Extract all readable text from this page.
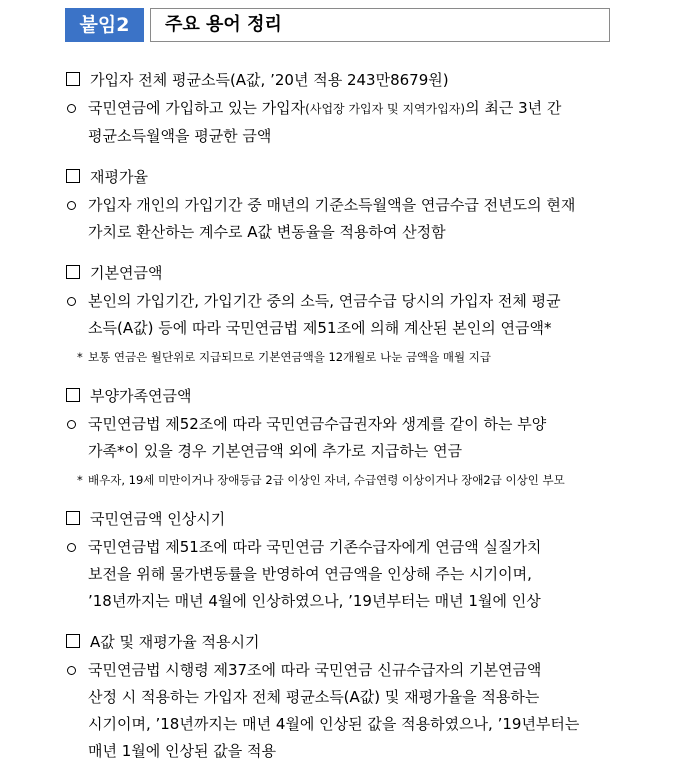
붙임2	주요 용어 정리
가입자 전체 평균소득(A값, ’20년 적용 243만8679원)
국민연금에 가입하고 있는 가입자(사업장 가입자 및 지역가입자)의 최근 3년 간
평균소득월액을 평균한 금액
재평가율
가입자 개인의 가입기간 중 매년의 기준소득월액을 연금수급 전년도의 현재
가치로 환산하는 계수로 A값 변동율을 적용하여 산정함
기본연금액
본인의 가입기간, 가입기간 중의 소득, 연금수급 당시의 가입자 전체 평균
소득(A값) 등에 따라 국민연금법 제51조에 의해 계산된 본인의 연금액*
* 보통 연금은 월단위로 지급되므로 기본연금액을 12개월로 나눈 금액을 매월 지급
부양가족연금액
국민연금법 제52조에 따라 국민연금수급권자와 생계를 같이 하는 부양
가족*이 있을 경우 기본연금액 외에 추가로 지급하는 연금
* 배우자, 19세 미만이거나 장애등급 2급 이상인 자녀, 수급연령 이상이거나 장애2급 이상인 부모
국민연금액 인상시기
국민연금법 제51조에 따라 국민연금 기존수급자에게 연금액 실질가치
보전을 위해 물가변동률을 반영하여 연금액을 인상해 주는 시기이며,
’18년까지는 매년 4월에 인상하였으나, ’19년부터는 매년 1월에 인상
A값 및 재평가율 적용시기
국민연금법 시행령 제37조에 따라 국민연금 신규수급자의 기본연금액
산정 시 적용하는 가입자 전체 평균소득(A값) 및 재평가율을 적용하는
시기이며, ’18년까지는 매년 4월에 인상된 값을 적용하였으나, ’19년부터는
매년 1월에 인상된 값을 적용
